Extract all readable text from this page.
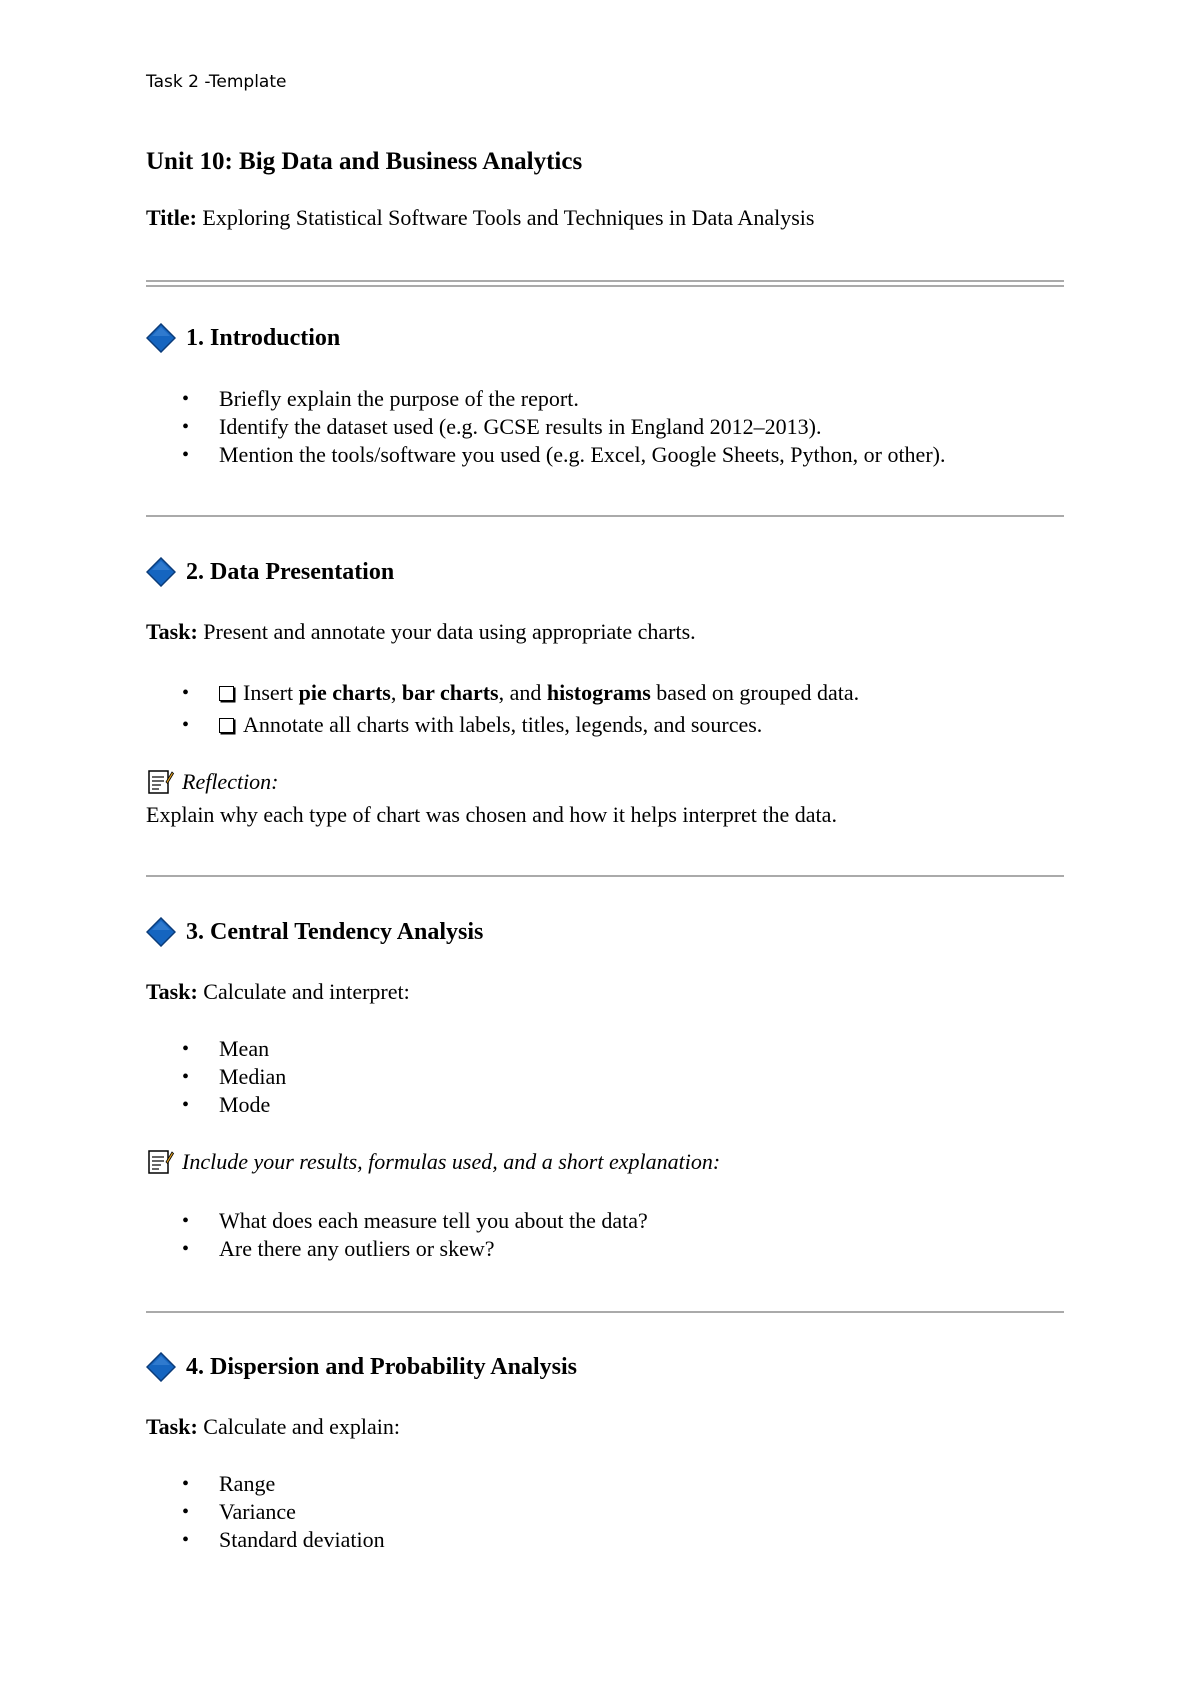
Task 2 -Template
Unit 10: Big Data and Business Analytics
Title: Exploring Statistical Software Tools and Techniques in Data Analysis
1. Introduction
• Briefly explain the purpose of the report.
• Identify the dataset used (e.g. GCSE results in England 2012–2013).
• Mention the tools/software you used (e.g. Excel, Google Sheets, Python, or other).
2. Data Presentation
Task: Present and annotate your data using appropriate charts.
• Insert pie charts, bar charts, and histograms based on grouped data.
• Annotate all charts with labels, titles, legends, and sources.
Reflection:
Explain why each type of chart was chosen and how it helps interpret the data.
3. Central Tendency Analysis
Task: Calculate and interpret:
• Mean
• Median
• Mode
Include your results, formulas used, and a short explanation:
• What does each measure tell you about the data?
• Are there any outliers or skew?
4. Dispersion and Probability Analysis
Task: Calculate and explain:
• Range
• Variance
• Standard deviation
